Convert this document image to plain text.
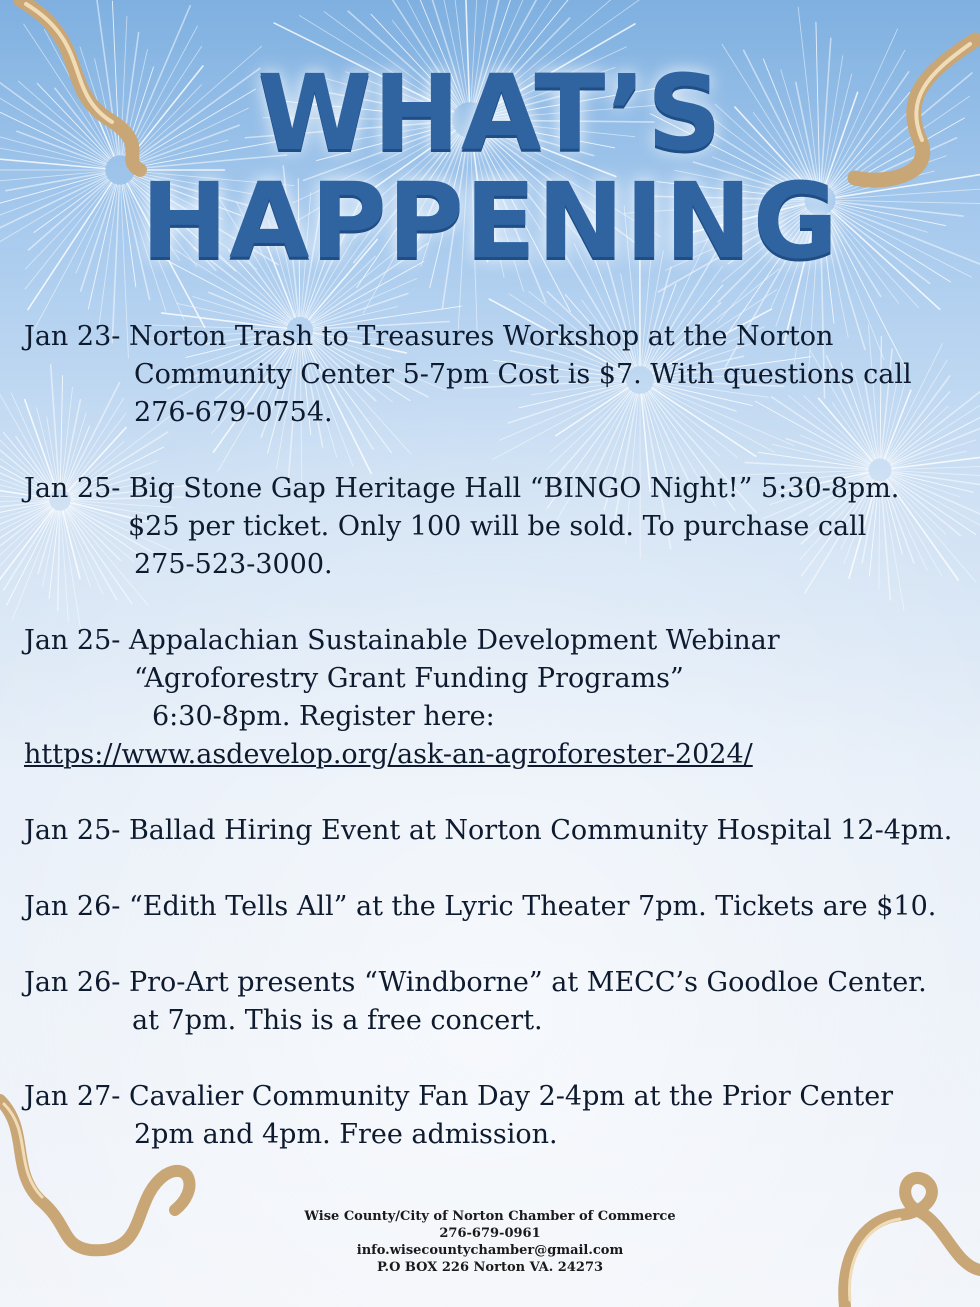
WHAT’S
HAPPENING
Jan 23- Norton Trash to Treasures Workshop at the Norton
Community Center 5-7pm Cost is $7. With questions call
276-679-0754.
Jan 25- Big Stone Gap Heritage Hall “BINGO Night!” 5:30-8pm.
$25 per ticket. Only 100 will be sold. To purchase call
275-523-3000.
Jan 25- Appalachian Sustainable Development Webinar
“Agroforestry Grant Funding Programs”
6:30-8pm. Register here:
https://www.asdevelop.org/ask-an-agroforester-2024/
Jan 25- Ballad Hiring Event at Norton Community Hospital 12-4pm.
Jan 26- “Edith Tells All” at the Lyric Theater 7pm. Tickets are $10.
Jan 26- Pro-Art presents “Windborne” at MECC’s Goodloe Center.
at 7pm. This is a free concert.
Jan 27- Cavalier Community Fan Day 2-4pm at the Prior Center
2pm and 4pm. Free admission.
Wise County/City of Norton Chamber of Commerce
276-679-0961
info.wisecountychamber@gmail.com
P.O BOX 226 Norton VA. 24273
